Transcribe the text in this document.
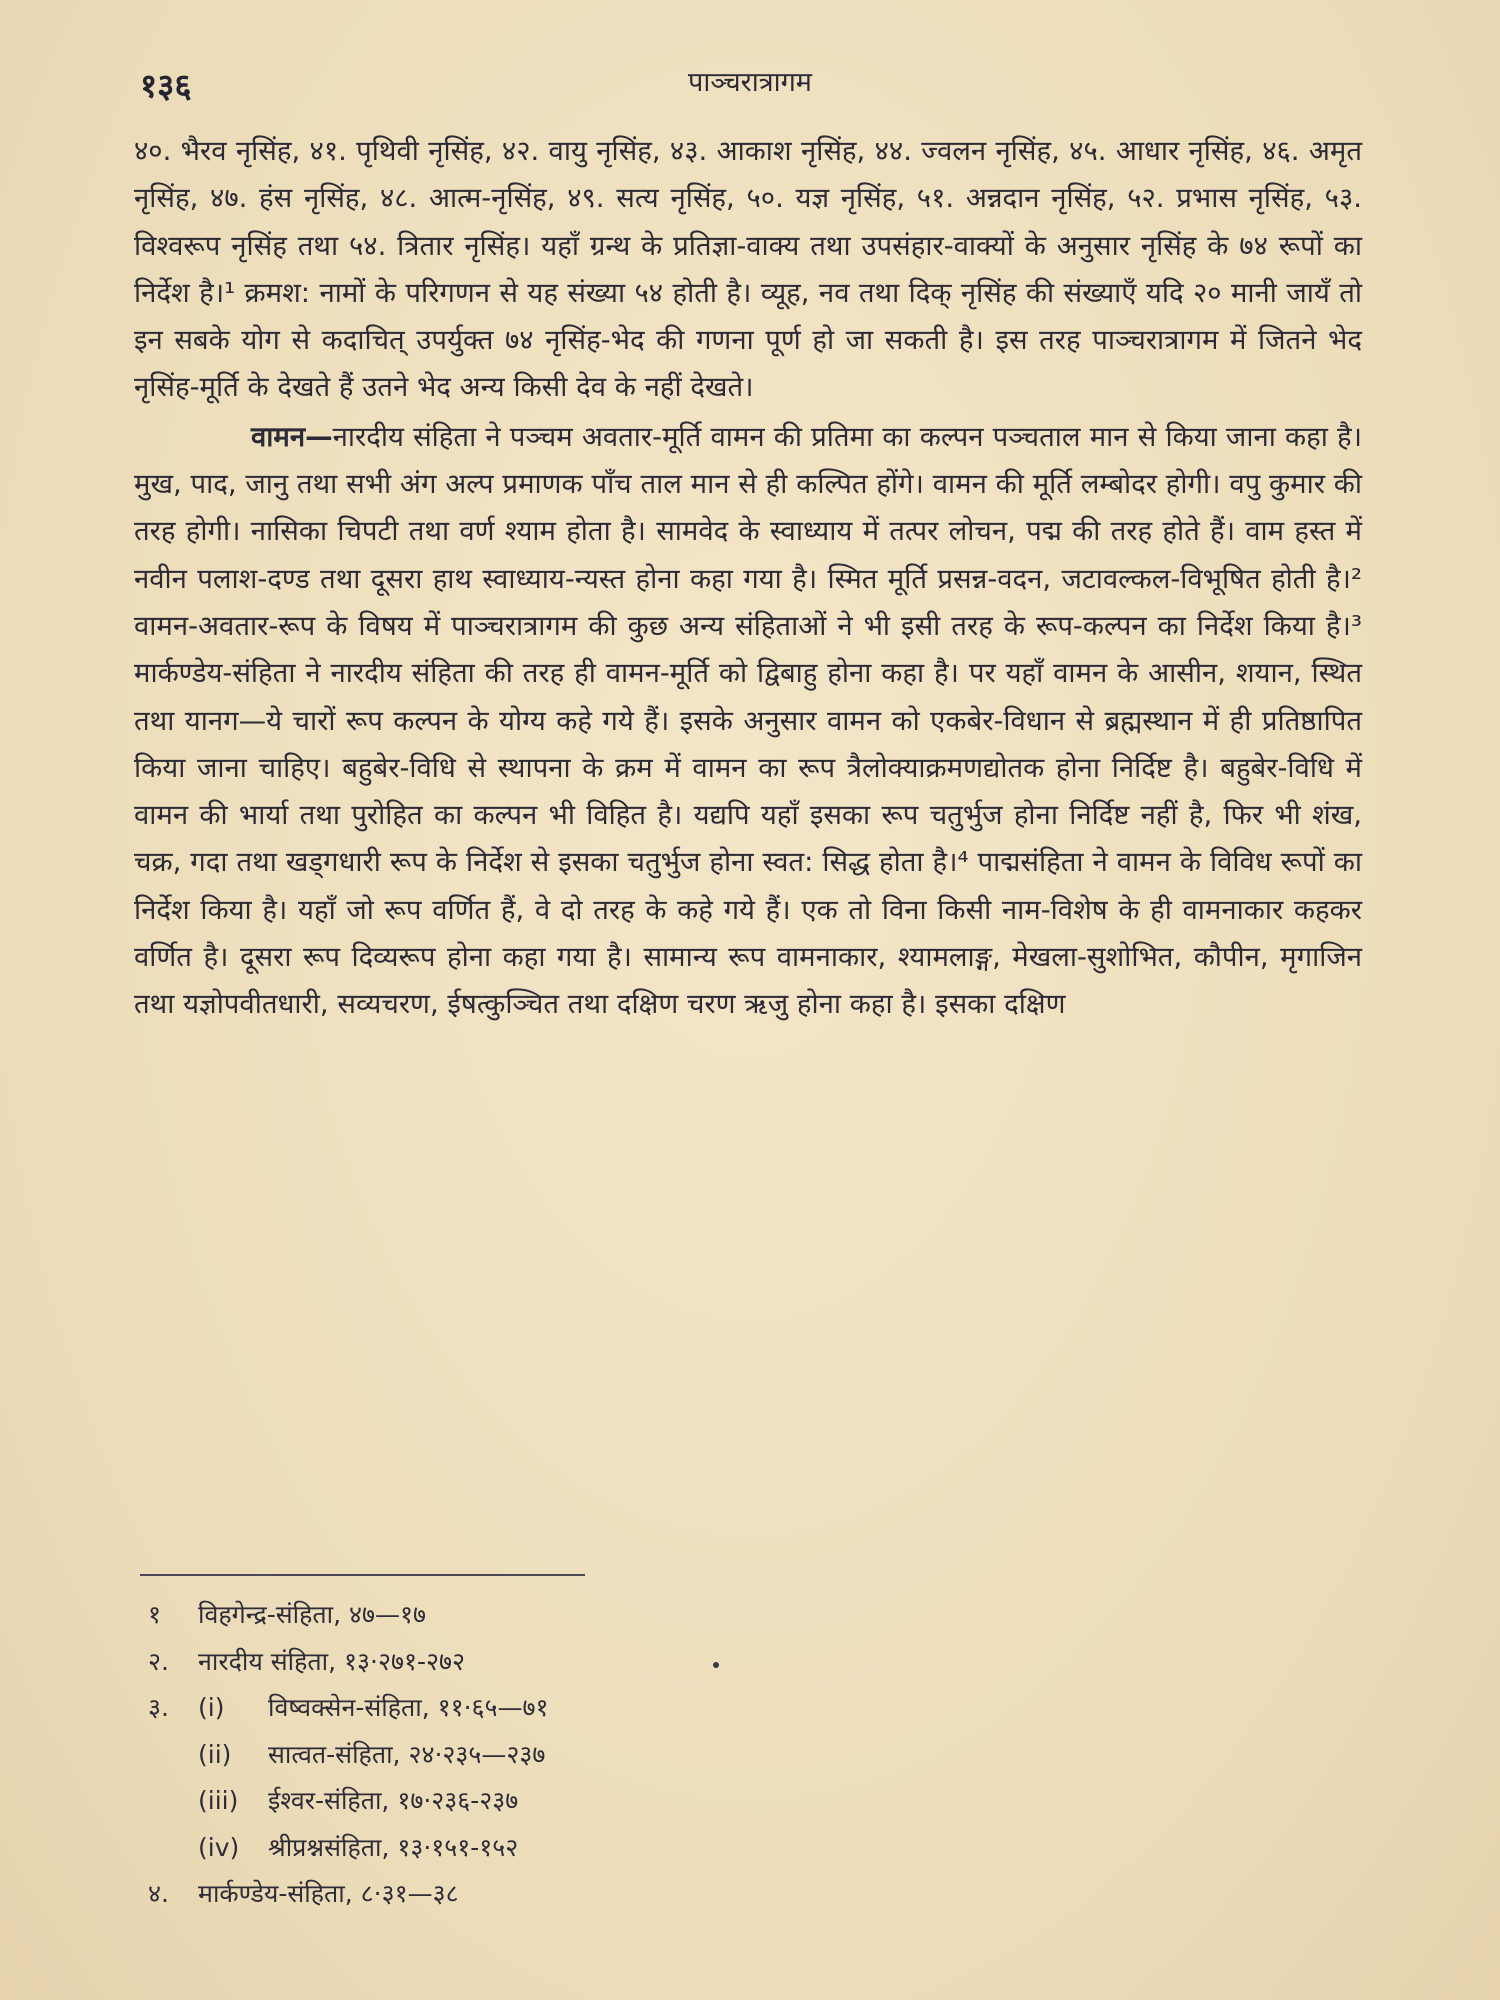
१३६	पाञ्चरात्रागम

४०. भैरव नृसिंह, ४१. पृथिवी नृसिंह, ४२. वायु नृसिंह, ४३. आकाश नृसिंह, ४४. ज्वलन नृसिंह, ४५. आधार नृसिंह, ४६. अमृत नृसिंह, ४७. हंस नृसिंह, ४८. आत्म-नृसिंह, ४९. सत्य नृसिंह, ५०. यज्ञ नृसिंह, ५१. अन्नदान नृसिंह, ५२. प्रभास नृसिंह, ५३. विश्वरूप नृसिंह तथा ५४. त्रितार नृसिंह। यहाँ ग्रन्थ के प्रतिज्ञा-वाक्य तथा उपसंहार-वाक्यों के अनुसार नृसिंह के ७४ रूपों का निर्देश है।¹ क्रमश: नामों के परिगणन से यह संख्या ५४ होती है। व्यूह, नव तथा दिक् नृसिंह की संख्याएँ यदि २० मानी जायँ तो इन सबके योग से कदाचित् उपर्युक्त ७४ नृसिंह-भेद की गणना पूर्ण हो जा सकती है। इस तरह पाञ्चरात्रागम में जितने भेद नृसिंह-मूर्ति के देखते हैं उतने भेद अन्य किसी देव के नहीं देखते।

वामन—नारदीय संहिता ने पञ्चम अवतार-मूर्ति वामन की प्रतिमा का कल्पन पञ्चताल मान से किया जाना कहा है। मुख, पाद, जानु तथा सभी अंग अल्प प्रमाणक पाँच ताल मान से ही कल्पित होंगे। वामन की मूर्ति लम्बोदर होगी। वपु कुमार की तरह होगी। नासिका चिपटी तथा वर्ण श्याम होता है। सामवेद के स्वाध्याय में तत्पर लोचन, पद्म की तरह होते हैं। वाम हस्त में नवीन पलाश-दण्ड तथा दूसरा हाथ स्वाध्याय-न्यस्त होना कहा गया है। स्मित मूर्ति प्रसन्न-वदन, जटावल्कल-विभूषित होती है।² वामन-अवतार-रूप के विषय में पाञ्चरात्रागम की कुछ अन्य संहिताओं ने भी इसी तरह के रूप-कल्पन का निर्देश किया है।³ मार्कण्डेय-संहिता ने नारदीय संहिता की तरह ही वामन-मूर्ति को द्विबाहु होना कहा है। पर यहाँ वामन के आसीन, शयान, स्थित तथा यानग—ये चारों रूप कल्पन के योग्य कहे गये हैं। इसके अनुसार वामन को एकबेर-विधान से ब्रह्मस्थान में ही प्रतिष्ठापित किया जाना चाहिए। बहुबेर-विधि से स्थापना के क्रम में वामन का रूप त्रैलोक्याक्रमणद्योतक होना निर्दिष्ट है। बहुबेर-विधि में वामन की भार्या तथा पुरोहित का कल्पन भी विहित है। यद्यपि यहाँ इसका रूप चतुर्भुज होना निर्दिष्ट नहीं है, फिर भी शंख, चक्र, गदा तथा खड्गधारी रूप के निर्देश से इसका चतुर्भुज होना स्वत: सिद्ध होता है।⁴ पाद्मसंहिता ने वामन के विविध रूपों का निर्देश किया है। यहाँ जो रूप वर्णित हैं, वे दो तरह के कहे गये हैं। एक तो विना किसी नाम-विशेष के ही वामनाकार कहकर वर्णित है। दूसरा रूप दिव्यरूप होना कहा गया है। सामान्य रूप वामनाकार, श्यामलाङ्ग, मेखला-सुशोभित, कौपीन, मृगाजिन तथा यज्ञोपवीतधारी, सव्यचरण, ईषत्कुञ्चित तथा दक्षिण चरण ऋजु होना कहा है। इसका दक्षिण

१ विहगेन्द्र-संहिता, ४७—१७
२. नारदीय संहिता, १३·२७१-२७२
३. (i) विष्वक्सेन-संहिता, ११·६५—७१
(ii) सात्वत-संहिता, २४·२३५—२३७
(iii) ईश्वर-संहिता, १७·२३६-२३७
(iv) श्रीप्रश्नसंहिता, १३·१५१-१५२
४. मार्कण्डेय-संहिता, ८·३१—३८
